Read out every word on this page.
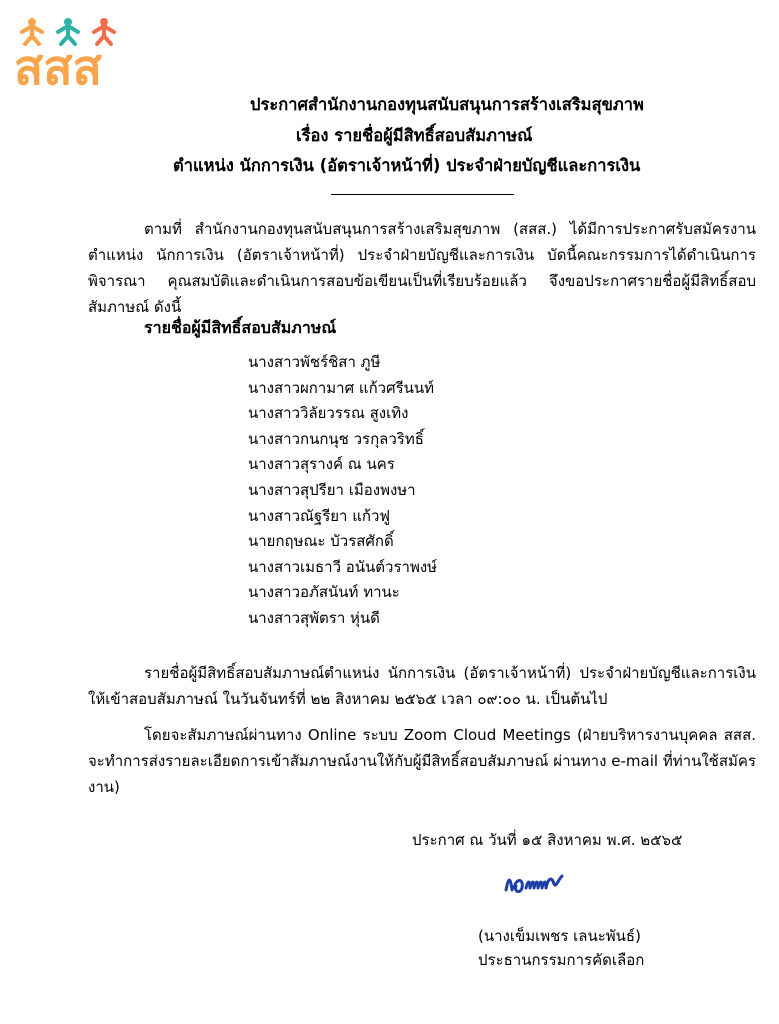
สสส
ประกาศสำนักงานกองทุนสนับสนุนการสร้างเสริมสุขภาพ
เรื่อง รายชื่อผู้มีสิทธิ์สอบสัมภาษณ์
ตำแหน่ง นักการเงิน (อัตราเจ้าหน้าที่) ประจำฝ่ายบัญชีและการเงิน
ตามที่ สำนักงานกองทุนสนับสนุนการสร้างเสริมสุขภาพ (สสส.) ได้มีการประกาศรับสมัครงาน ตำแหน่ง นักการเงิน (อัตราเจ้าหน้าที่) ประจำฝ่ายบัญชีและการเงิน บัดนี้คณะกรรมการได้ดำเนินการพิจารณา คุณสมบัติและดำเนินการสอบข้อเขียนเป็นที่เรียบร้อยแล้ว จึงขอประกาศรายชื่อผู้มีสิทธิ์สอบสัมภาษณ์ ดังนี้
รายชื่อผู้มีสิทธิ์สอบสัมภาษณ์
นางสาวพัชร์ชิสา ภูษี
นางสาวผกามาศ แก้วศรีนนท์
นางสาววิลัยวรรณ สูงเทิง
นางสาวกนกนุช วรกุลวริทธิ์
นางสาวสุรางค์ ณ นคร
นางสาวสุปรียา เมืองพงษา
นางสาวณัฐรียา แก้วฟู
นายกฤษณะ บัวรสศักดิ์
นางสาวเมธาวี อนันต์วราพงษ์
นางสาวอภัสนันท์ ทานะ
นางสาวสุพัตรา หุ่นดี
รายชื่อผู้มีสิทธิ์สอบสัมภาษณ์ตำแหน่ง นักการเงิน (อัตราเจ้าหน้าที่) ประจำฝ่ายบัญชีและการเงิน ให้เข้าสอบสัมภาษณ์ ในวันจันทร์ที่ ๒๒ สิงหาคม ๒๕๖๕ เวลา ๐๙:๐๐ น. เป็นต้นไป
โดยจะสัมภาษณ์ผ่านทาง Online ระบบ Zoom Cloud Meetings (ฝ่ายบริหารงานบุคคล สสส. จะทำการส่งรายละเอียดการเข้าสัมภาษณ์งานให้กับผู้มีสิทธิ์สอบสัมภาษณ์ ผ่านทาง e-mail ที่ท่านใช้สมัครงาน)
ประกาศ ณ วันที่ ๑๕ สิงหาคม พ.ศ. ๒๕๖๕
(นางเข็มเพชร เลนะพันธ์)
ประธานกรรมการคัดเลือก
